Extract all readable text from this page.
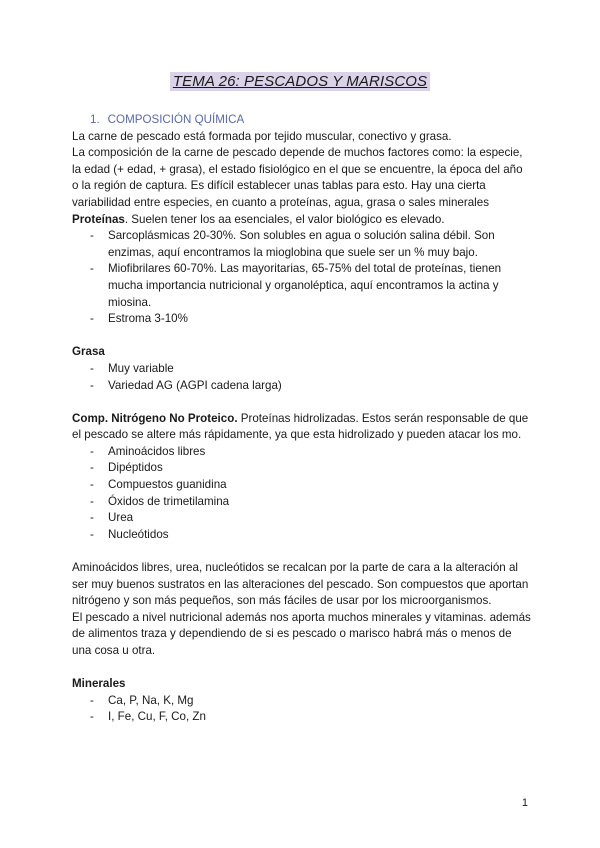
TEMA 26: PESCADOS Y MARISCOS

1. COMPOSICIÓN QUÍMICA

La carne de pescado está formada por tejido muscular, conectivo y grasa.

La composición de la carne de pescado depende de muchos factores como: la especie, la edad (+ edad, + grasa), el estado fisiológico en el que se encuentre, la época del año o la región de captura. Es difícil establecer unas tablas para esto. Hay una cierta variabilidad entre especies, en cuanto a proteínas, agua, grasa o sales minerales

Proteínas. Suelen tener los aa esenciales, el valor biológico es elevado.

- Sarcoplásmicas 20-30%. Son solubles en agua o solución salina débil. Son enzimas, aquí encontramos la mioglobina que suele ser un % muy bajo.
- Miofibrilares 60-70%. Las mayoritarias, 65-75% del total de proteínas, tienen mucha importancia nutricional y organoléptica, aquí encontramos la actina y miosina.
- Estroma 3-10%

Grasa

- Muy variable
- Variedad AG (AGPI cadena larga)

Comp. Nitrógeno No Proteico. Proteínas hidrolizadas. Estos serán responsable de que el pescado se altere más rápidamente, ya que esta hidrolizado y pueden atacar los mo.

- Aminoácidos libres
- Dipéptidos
- Compuestos guanidina
- Óxidos de trimetilamina
- Urea
- Nucleótidos

Aminoácidos libres, urea, nucleótidos se recalcan por la parte de cara a la alteración al ser muy buenos sustratos en las alteraciones del pescado. Son compuestos que aportan nitrógeno y son más pequeños, son más fáciles de usar por los microorganismos.

El pescado a nivel nutricional además nos aporta muchos minerales y vitaminas. además de alimentos traza y dependiendo de si es pescado o marisco habrá más o menos de una cosa u otra.

Minerales

- Ca, P, Na, K, Mg
- I, Fe, Cu, F, Co, Zn
1
